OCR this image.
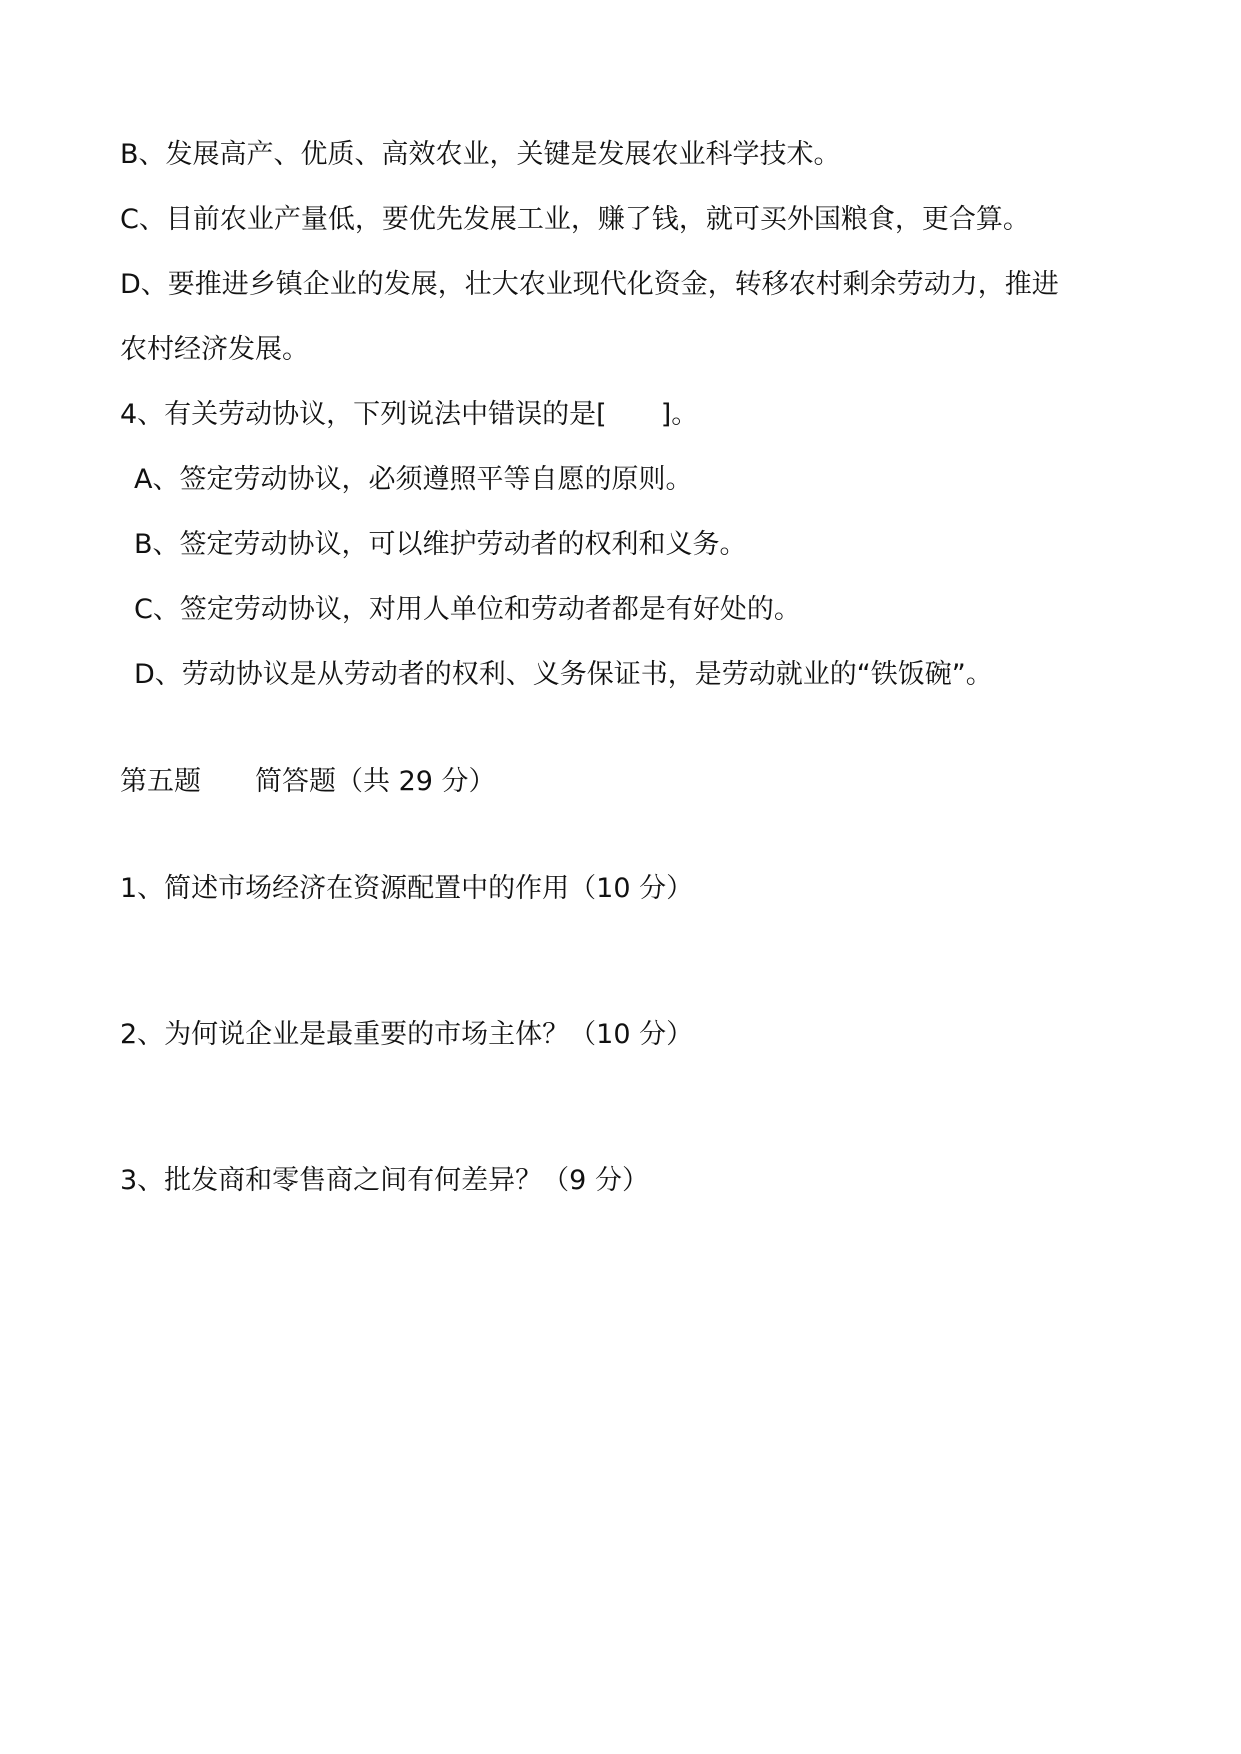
B、发展高产、优质、高效农业，关键是发展农业科学技术。
C、目前农业产量低，要优先发展工业，赚了钱，就可买外国粮食，更合算。
D、要推进乡镇企业的发展，壮大农业现代化资金，转移农村剩余劳动力，推进
农村经济发展。
4、有关劳动协议，下列说法中错误的是[　　]。
A、签定劳动协议，必须遵照平等自愿的原则。
B、签定劳动协议，可以维护劳动者的权利和义务。
C、签定劳动协议，对用人单位和劳动者都是有好处的。
D、劳动协议是从劳动者的权利、义务保证书，是劳动就业的“铁饭碗”。
第五题　　简答题（共 29 分）
1、简述市场经济在资源配置中的作用（10 分）
2、为何说企业是最重要的市场主体？（10 分）
3、批发商和零售商之间有何差异？（9 分）
